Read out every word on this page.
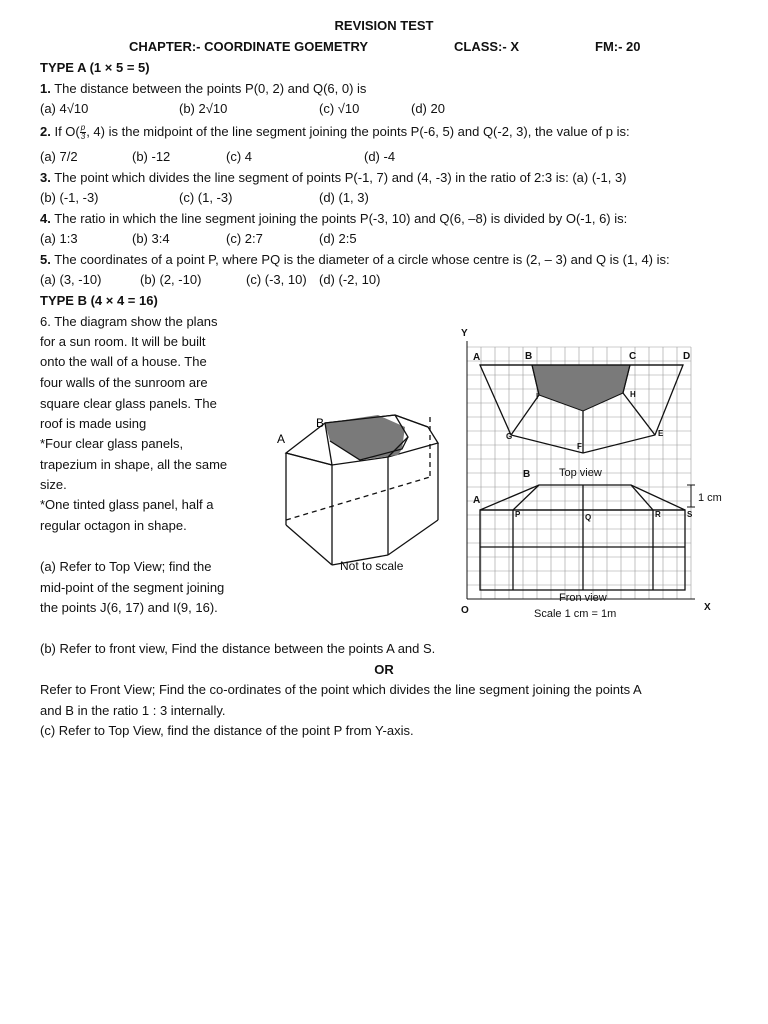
REVISION TEST
CHAPTER:- COORDINATE GOEMETRY	CLASS:- X	FM:- 20
TYPE A (1 × 5 = 5)
1. The distance between the points P(0, 2) and Q(6, 0) is
(a) 4√10	(b) 2√10	(c) √10	(d) 20
2. If $O( \frac{p}{3}$ , 4) is the midpoint of the line segment joining the points P(-6, 5) and Q(-2, 3), the value of p is:
(a) 7/2	(b) -12	(c) 4	(d) -4
3. The point which divides the line segment of points P(-1, 7) and (4, -3) in the ratio of 2:3 is: (a) (-1, 3)
(b) (-1, -3)	(c) (1, -3)	(d) (1, 3)
4. The ratio in which the line segment joining the points P(-3, 10) and Q(6, –8) is divided by O(-1, 6) is:
(a) 1:3	(b) 3:4	(c) 2:7	(d) 2:5
5. The coordinates of a point P, where PQ is the diameter of a circle whose centre is (2, – 3) and Q is (1, 4) is:
(a) (3, -10)	(b) (2, -10)	(c) (-3, 10) (d) (-2, 10)
TYPE B (4 × 4 = 16)
6. The diagram show the plans
for a sun room. It will be built
onto the wall of a house. The
four walls of the sunroom are
square clear glass panels. The
roof is made using
*Four clear glass panels,
trapezium in shape, all the same
size.
*One tinted glass panel, half a
regular octagon in shape.
(a) Refer to Top View; find the
mid-point of the segment joining
the points J(6, 17) and I(9, 16).
(b) Refer to front view, Find the distance between the points A and S.
OR
Refer to Front View; Find the co-ordinates of the point which divides the line segment joining the points A
and B in the ratio 1 : 3 internally.
(c) Refer to Top View, find the distance of the point P from Y-axis.
A
B
Not to scale
Y
X
O
A	B	C	D
H
I
G	E
F
B
A
P	Q	R	S
Top view
1 cm
Fron view
Scale 1 cm = 1m
